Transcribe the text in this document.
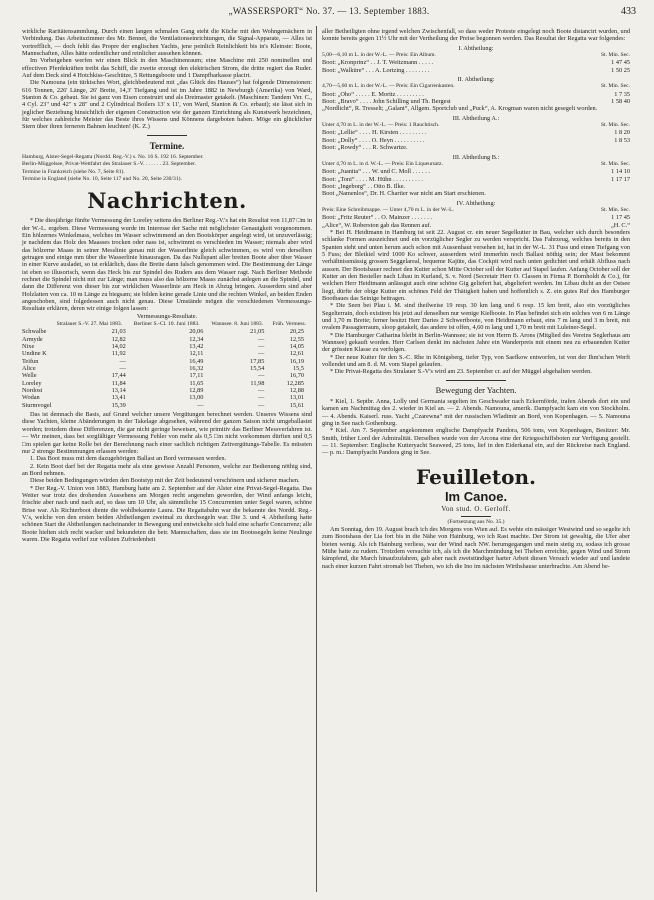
„WASSERSPORT“ No. 37. — 13. September 1883.	433

wirkliche Raritätensammlung. Durch einen langen schmalen Gang steht die Küche mit den Wohngemächern in Verbindung. Das Arbeitszimmer des Mr. Bennet, die Ventilationseinrichtungen, die Signal-Apparate, — Alles ist vortrefflich, — doch fehlt das Propre der englischen Yachts, jene peinlich Reinlichkeit bis in's Kleinste: Boote, Mannschaften, Alles hätte ordentlicher und reinlicher aussehen können.

Im Vorbeigehen werfen wir einen Blick in den Maschinenraum; eine Maschine mit 250 nominellen und effectiven Pferdekräften treibt das Schiff, die zweite erzeugt den elektrischen Strom, die dritte regiert das Ruder. Auf dem Deck sind 4 Hotchkiss-Geschütze, 5 Rettungsboote und 1 Dampfbarkasse placirt.

Die Namouna (ein türkisches Wort, gleichbedeutend mit „das Glück des Hauses“) hat folgende Dimensionen: 616 Tonnen, 226' Länge, 26' Breite, 14,3' Tiefgang und ist im Jahre 1882 in Newburgh (Amerika) von Ward, Stanton & Co. gebaut. Sie ist ganz von Eisen construirt und als Dreimaster getakelt. (Maschinen: Tandem Ver. C., 4 Cyl. 23" und 42" x 28" und 2 Cylindrical Boilers 13' x 11', von Ward, Stanton & Co. erbaut); sie lässt sich in jeglicher Beziehung hinsichtlich der eigenen Construction wie der ganzen Einrichtung als Kunstwerk bezeichnen, für welches zahlreiche Meister das Beste ihres Wissens und Könnens dargeboten haben. Möge ein glücklicher Stern über ihren ferneren Bahnen leuchten! (K. Z.)

Termine.
Hamburg, Alster-Segel-Regatta (Nordd. Reg.-V.) s. No. 16 S. 192 16. September.
Berlin-Müggelsee, Privat-Wettfahrt des Stralauer S.-V. . . . . . . 23. September.
Termine in Frankreich (siehe No. 7, Seite 81).
Termine in England (siehe No. 10, Seite 117 und No. 20, Seite 230/31).
Nachrichten.

* Die diesjährige fünfte Vermessung der Loreley seitens des Berliner Reg.-V.'s hat ein Resultat von 11,87 □m in der W.-L. ergeben. Diese Vermessung wurde im Interesse der Sache mit möglichster Genauigkeit vorgenommen. Ein hölzernes Winkelmass, welches im Wasser schwimmend an den Bootskörper angelegt wird, ist unzuverlässig; je nachdem das Holz des Maasses trocken oder nass ist, schwimmt es verschieden im Wasser; niemals aber wird das hölzerne Maass in seiner Messlinie genau mit der Wasserlinie gleich schwimmen, es wird von derselben getragen und einige mm über die Wasserlinie hinausragen. Da das Nullspant aller breiten Boote aber über Wasser in einer Kurve ausladet, so ist erklärlich, dass die Breite dann falsch genommen wird. Die Bestimmung der Länge ist eben so illusorisch, wenn das Heck bis zur Spindel des Ruders aus dem Wasser ragt. Nach Berliner Methode rechnet die Spindel nicht mit zur Länge; man muss also das hölzerne Maass zunächst anlegen an die Spindel, und dann die Differenz von dieser bis zur wirklichen Wasserlinie am Heck in Abzug bringen. Ausserdem sind aber Holzlatten von ca. 10 m Länge zu biegsam; sie bilden keine gerade Linie und die rechten Winkel, an beiden Enden angeschoben, sind folgedessen auch nicht genau. Diese Umstände mögen die verschiedenen Vermessungs-Resultate erklären, deren wir einige folgen lassen:

Vermessungs-Resultate.
	Stralauer S.-V. 27. Mai 1883.	Berliner S.-Cl. 10. Juni 1883.	Wannsee. 8. Juni 1883.	Früh. Vermess.
Schwalbe	21,03	20,06	21,05	20,25
Armyde	12,82	12,34	—	12,55
Nixe	14,02	13,42	—	14,05
Undine K	11,92	12,11	—	12,61
Teifun	—	16,49	17,85	16,19
Alice	—	16,32	15,54	15,5
Welle	17,44	17,11	—	16,70
Loreley	11,84	11,65	11,98	12,285
Nordost	13,14	12,89	—	12,88
Wodan	13,41	13,00	—	13,01
Sturmvogel	15,39	—	—	15,61

Das ist demnach die Basis, auf Grund welcher unsere Vergütungen berechnet werden. Unseres Wissens sind diese Yachten, kleine Abänderungen in der Takelage abgesehen, während der ganzen Saison nicht umgeballastet worden; trotzdem diese Differenzen, die gar nicht geringe beweisen, wie primitiv das Berliner Messverfahren ist. — Wir meinen, dass bei sorgfältiger Vermessung Fehler von mehr als 0,5 □m nicht vorkommen dürften und 0,5 □m spielen gar keine Rolle bei der Berechnung nach einer sachlich richtigen Zeitvergütungs-Tabelle. Es müssten nur 2 strenge Bestimmungen erlassen werden:

1. Das Boot muss mit dem dazugehörigen Ballast an Bord vermessen werden.

2. Kein Boot darf bei der Regatta mehr als eine gewisse Anzahl Personen, welche zur Bedienung nöthig sind, an Bord nehmen.

Diese beiden Bedingungen würden den Bootstyp mit der Zeit bedeutend verschönern und sicherer machen.

* Der Reg.-V. Union von 1883, Hamburg hatte am 2. September auf der Alster eine Privat-Segel-Regatta. Das Wetter war trotz des drohenden Aussehens am Morgen recht angenehm geworden, der Wind anfangs leicht, frischte aber nach und nach auf, so dass um 10 Uhr, als sämmtliche 15 Concurrenten unter Segel waren, schöne Brise war. Als Richterboot diente die wohlbekannte Laura. Die Regattabahn war die bekannte des Nordd. Reg.-V.'s, welche von den ersten beiden Abtheilungen zweimal zu durchsegeln war. Die 3. und 4. Abtheilung hatte schönen Start die Abtheilungen nacheinander in Bewegung und entwickelte sich bald eine scharfe Concurrenz; alle Boote hielten sich recht wacker und bekundeten die betr. Mannschaften, dass sie im Bootssegeln keine Neulinge waren. Die Regatta verlief zur vollsten Zufriedenheit

aller Betheiligten ohne irgend welchen Zwischenfall, so dass weder Proteste eingelegt noch Boote distancirt wurden, und konnte bereits gegen 11½ Uhr mit der Vertheilung der Preise begonnen werden. Das Resultat der Regatta war folgendes:

I. Abtheilung:
5,00—6,10 m L. in der W.-L. — Preis: Ein Album.	St. Min. Sec.
Boot: „Kronprinz“ . . J. T. Weitzmann . . . . .	1 47 45
Boot: „Walküre“ . . . A. Lortzing . . . . . . . .	1 50 25
II. Abtheilung:
4,70—5,60 m L. in der W.-L. — Preis: Ein Cigarrenkasten.	St. Min. Sec.
Boot: „Oho“ . . . . . E. Moritz . . . . . . . . .	1 7 35
Boot: „Bravo“ . . . . John Schilling und Th. Bergest	1 58 40
„Nordlicht“, R. Tresselt; „Galant“, Allgem. Sportclub und „Puck“, A. Krogman waren nicht gesegelt worden.
III. Abtheilung A.:
Unter 4,70 m L. in der W.-L. — Preis: 1 Rauchtisch.	St. Min. Sec.
Boot: „Lellie“ . . . . H. Kirsten . . . . . . . . .	1 8 20
Boot: „Dolly“ . . . . O. Heyn . . . . . . . . . .	1 8 53
Boot: „Rowdy“ . . . R. Schwartze.
III. Abtheilung B.:
Unter 4,70 m L. in d. W.-L. — Preis: Ein Liqueursatz.	St. Min. Sec.
Boot: „Juanita“ . . . W. und C. Moll . . . . . .	1 14 10
Boot: „Toni“ . . . . M. Hühn . . . . . . . . . .	1 17 17
Boot: „Ingeborg“ . . Otto B. Ilke.
Boot „Namenlos“, Dr. H. Chartier war nicht am Start erschienen.
IV. Abtheilung:
Preis: Eine Schreibmappe. — Unter 4,70 m L. in der W.-L.	St. Min. Sec.
Boot: „Fritz Reuter“ . . O. Mainzer . . . . . . .	1 17 45
„Alice“, W. Roberston gab das Rennen auf.	„H. C.“

* Bei H. Heidtmann in Hamburg ist seit 22. August cr. ein neuer Segelkutter in Bau, welcher sich durch besonders schlanke Formen auszeichnet und ein vorzüglicher Segler zu werden verspricht. Das Fahrzeug, welches bereits in den Spanten steht und unten herum auch schon mit Aussenhaut versehen ist, hat in der W.-L. 31 Fuss und einen Tiefgang von 5 Fuss; der Bleikiel wird 1000 Ko schwer, ausserdem wird immerhin noch Ballast nöthig sein; der Mast bekommt verhältnissmässig grossen Seggelareal, bequeme Kajüte, das Cockpit wird nach unten gedichtet und erhält Abfluss nach aussen. Der Bootsbauer rechnet den Kutter schon Mitte October soll der Kutter auf Stapel laufen. Anfang October soll der Kutter an den Besteller nach Libau in Kurland, S. v. Nord (Secretair Herr O. Classen in Firma P. Bornholdt & Co.), für welchen Herr Heidtmann anlässgut auch eine schöne Gig geliefert hat, abgeliefert werden. Im Libau dicht an der Ostsee liegt, dürfte der obige Kutter ein schönes Feld der Thätigkeit haben und hoffentlich s. Z. ein gutes Ruf des Hamburger Bootbaues das Seinige beitragen.

* Die Seen bei Plau i. M. sind theilweise 19 resp. 30 km lang und 6 resp. 15 km breit, also ein vorzügliches Segelterrain, doch existiren bis jetzt auf denselben nur wenige Kielboote. In Plau befindet sich ein solches von 6 m Länge und 1,70 m Breite; ferner besitzt Herr Daries 2 Schwertboote, von Heidtmann erbaut, eins 7 m lang und 3 m breit, mit ovalem Passagierraum, sloop getakelt, das andere ist offen, 4,60 m lang und 1,70 m breit mit Luleiner-Segel.

* Die Hamburger Catharina bleibt in Berlin-Wannsee; sie ist von Herrn B. Arons (Mitglied des Vereins Seglerhaus am Wannsee) gekauft worden. Herr Carlsen denkt im nächsten Jahre ein Wanderpreis mit einem neu zu erbauenden Kutter der grössten Klasse zu verfolgen.

* Der neue Kutter für den S.-C. Rhe in Königsberg, tiefer Typ, von Saefkow entworfen, ist von der Ihm'schen Werft vollendet und am 8. d. M. vom Stapel gelaufen.

* Die Privat-Regatta des Stralauer S.-V's wird am 23. September cr. auf der Müggel abgehalten werden.

Bewegung der Yachten.

* Kiel, 1. Septbr. Anna, Lolly und Germania segelten im Geschwader nach Eckernförde, trafen Abends dort ein und kamen am Nachmittag des 2. wieder in Kiel an. — 2. Abends. Namouna, amerik. Dampfyacht kam ein von Stockholm. — 4. Abends. Kaiserl. russ. Yacht „Czarewna“ mit der russischen Wladimir an Bord, von Kopenhagen. — 5. Namouna ging in See nach Gothenburg.

* Kiel. Am 7. September angekommen englische Dampfyacht Pandora, 506 tons, von Kopenhagen, Besitzer: Mr. Smith, früher Lord der Admiralität. Derselben wurde von der Arcona eine der Kriegsschiffsboten zur Verfügung gestellt. — 11. September: Englische Kutteryacht Seaweed, 25 tons, lief in den Eiderkanal ein, auf der Rückreise nach England. — p. m.: Dampfyacht Pandora ging in See.

Feuilleton.
Im Canoe.
Von stud. O. Gerloff.
(Fortsetzung aus No. 35.)

Am Sonntag, den 19. August brach ich des Morgens von Wien auf. Es wehte ein mässiger Westwind und so segelte ich zum Bootshaus der Lia fort bis in die Nähe von Hainburg, wo ich Rast machte. Der Strom ist gewaltig, die Ufer aber bieten wenig. Als ich Hainburg verliess, war der Wind nach NW. herumgegangen und mein stetig zu, sodass ich grosse Mühe hatte zu rudern. Trotzdem versuchte ich, als ich die Marchmündung bei Theben erreichte, gegen Wind und Strom kämpfend, die March hinaufzufahren, gab aber nach zweistündiger harter Arbeit diesen Versuch wieder auf und landete nach einer kurzen Fahrt stromab bei Theben, wo ich die Ino im nächsten Wirthshause unterbrachte. Am Abend be-
